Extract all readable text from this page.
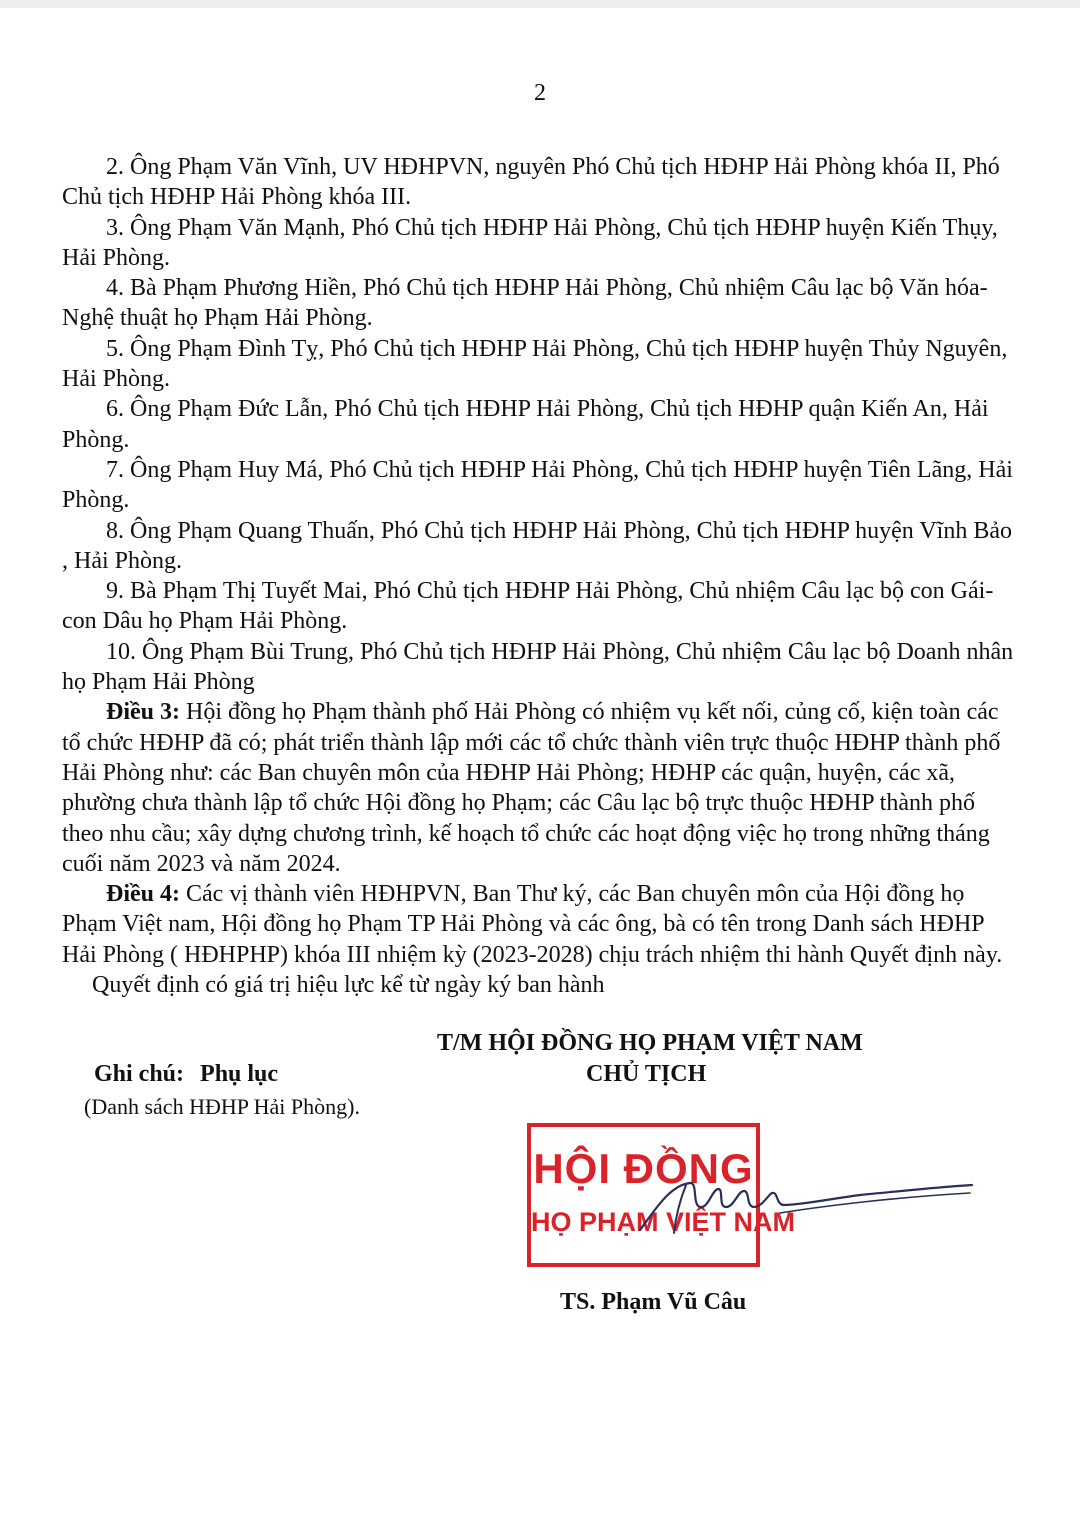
2

2. Ông Phạm Văn Vĩnh, UV HĐHPVN, nguyên Phó Chủ tịch HĐHP Hải Phòng khóa II, Phó Chủ tịch HĐHP Hải Phòng khóa III.

3. Ông Phạm Văn Mạnh, Phó Chủ tịch HĐHP Hải Phòng, Chủ tịch HĐHP huyện Kiến Thụy, Hải Phòng.

4. Bà Phạm Phương Hiền, Phó Chủ tịch HĐHP Hải Phòng, Chủ nhiệm Câu lạc bộ Văn hóa-Nghệ thuật họ Phạm Hải Phòng.

5. Ông Phạm Đình Tỵ, Phó Chủ tịch HĐHP Hải Phòng, Chủ tịch HĐHP huyện Thủy Nguyên, Hải Phòng.

6. Ông Phạm Đức Lẫn, Phó Chủ tịch HĐHP Hải Phòng, Chủ tịch HĐHP quận Kiến An, Hải Phòng.

7. Ông Phạm Huy Má, Phó Chủ tịch HĐHP Hải Phòng, Chủ tịch HĐHP huyện Tiên Lãng, Hải Phòng.

8. Ông Phạm Quang Thuấn, Phó Chủ tịch HĐHP Hải Phòng, Chủ tịch HĐHP huyện Vĩnh Bảo , Hải Phòng.

9. Bà Phạm Thị Tuyết Mai, Phó Chủ tịch HĐHP Hải Phòng, Chủ nhiệm Câu lạc bộ con Gái- con Dâu họ Phạm Hải Phòng.

10. Ông Phạm Bùi Trung, Phó Chủ tịch HĐHP Hải Phòng, Chủ nhiệm Câu lạc bộ Doanh nhân họ Phạm Hải Phòng

Điều 3: Hội đồng họ Phạm thành phố Hải Phòng có nhiệm vụ kết nối, củng cố, kiện toàn các tổ chức HĐHP đã có; phát triển thành lập mới các tổ chức thành viên trực thuộc HĐHP thành phố Hải Phòng như: các Ban chuyên môn của HĐHP Hải Phòng; HĐHP các quận, huyện, các xã, phường chưa thành lập tổ chức Hội đồng họ Phạm; các Câu lạc bộ trực thuộc HĐHP thành phố theo nhu cầu; xây dựng chương trình, kế hoạch tổ chức các hoạt động việc họ trong những tháng cuối năm 2023 và năm 2024.

Điều 4: Các vị thành viên HĐHPVN, Ban Thư ký, các Ban chuyên môn của Hội đồng họ Phạm Việt nam, Hội đồng họ Phạm TP Hải Phòng và các ông, bà có tên trong Danh sách HĐHP Hải Phòng ( HĐHPHP) khóa III nhiệm kỳ (2023-2028) chịu trách nhiệm thi hành Quyết định này.

Quyết định có giá trị hiệu lực kể từ ngày ký ban hành

T/M HỘI ĐỒNG HỌ PHẠM VIỆT NAM
CHỦ TỊCH
Ghi chú: Phụ lục
(Danh sách HĐHP Hải Phòng).
HỘI ĐỒNG
HỌ PHẠM VIỆT NAM
TS. Phạm Vũ Câu
